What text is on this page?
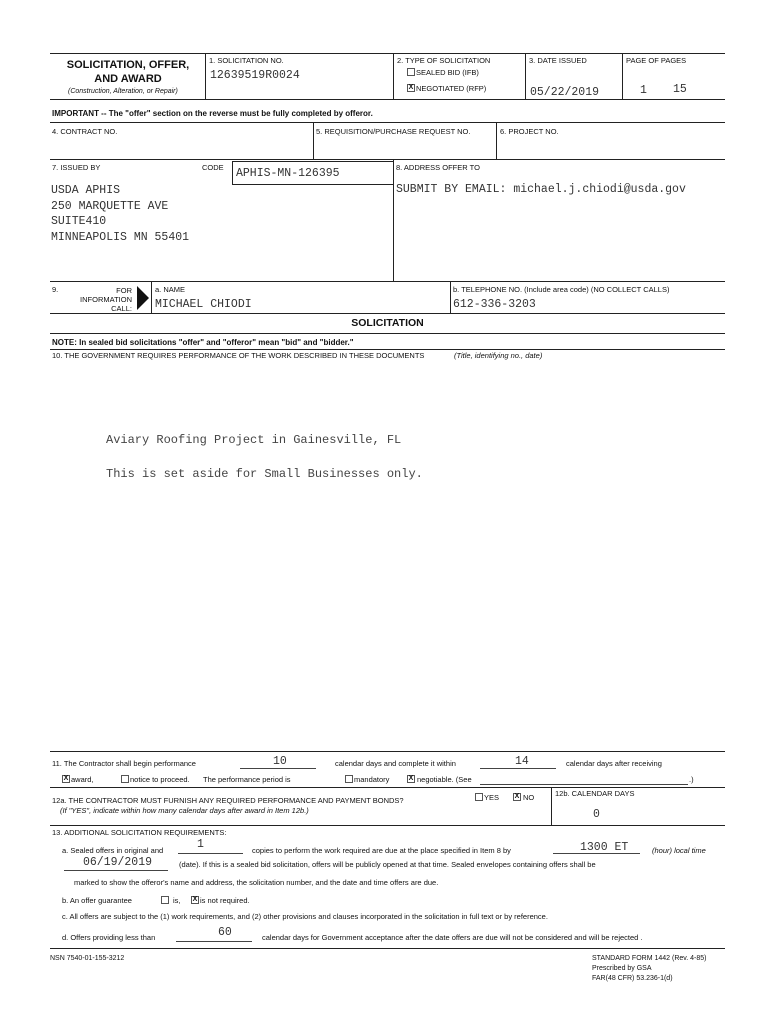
SOLICITATION, OFFER,
AND AWARD
(Construction, Alteration, or Repair)
1. SOLICITATION NO.
12639519R0024
2. TYPE OF SOLICITATION
SEALED BID (IFB)
X NEGOTIATED (RFP)
3. DATE ISSUED
05/22/2019
PAGE OF PAGES
1 15
IMPORTANT -- The "offer" section on the reverse must be fully completed by offeror.
4. CONTRACT NO.	5. REQUISITION/PURCHASE REQUEST NO.	6. PROJECT NO.
7. ISSUED BY	CODE APHIS-MN-126395
USDA APHIS
250 MARQUETTE AVE
SUITE410
MINNEAPOLIS MN 55401
8. ADDRESS OFFER TO
SUBMIT BY EMAIL: michael.j.chiodi@usda.gov
9.	FOR
INFORMATION
CALL:
a. NAME
MICHAEL CHIODI
b. TELEPHONE NO. (Include area code) (NO COLLECT CALLS)
612-336-3203
SOLICITATION
NOTE: In sealed bid solicitations "offer" and "offeror" mean "bid" and "bidder."
10. THE GOVERNMENT REQUIRES PERFORMANCE OF THE WORK DESCRIBED IN THESE DOCUMENTS	(Title, identifying no., date)
Aviary Roofing Project in Gainesville, FL
This is set aside for Small Businesses only.
11. The Contractor shall begin performance	10	calendar days and complete it within	14	calendar days after receiving
X award,	notice to proceed. The performance period is	mandatory	X negotiable. (See	.)
12a. THE CONTRACTOR MUST FURNISH ANY REQUIRED PERFORMANCE AND PAYMENT BONDS?
(If "YES", indicate within how many calendar days after award in Item 12b.)
YES X NO	12b. CALENDAR DAYS
0
13. ADDITIONAL SOLICITATION REQUIREMENTS:
a. Sealed offers in original and	1	copies to perform the work required are due at the place specified in Item 8 by	1300 ET	(hour) local time
06/19/2019	(date). If this is a sealed bid solicitation, offers will be publicly opened at that time. Sealed envelopes containing offers shall be
marked to show the offeror's name and address, the solicitation number, and the date and time offers are due.
b. An offer guarantee	is, X is not required.
c. All offers are subject to the (1) work requirements, and (2) other provisions and clauses incorporated in the solicitation in full text or by reference.
d. Offers providing less than	60	calendar days for Government acceptance after the date offers are due will not be considered and will be rejected .
NSN 7540-01-155-3212	STANDARD FORM 1442 (Rev. 4-85)
Prescribed by GSA
FAR(48 CFR) 53.236-1(d)
